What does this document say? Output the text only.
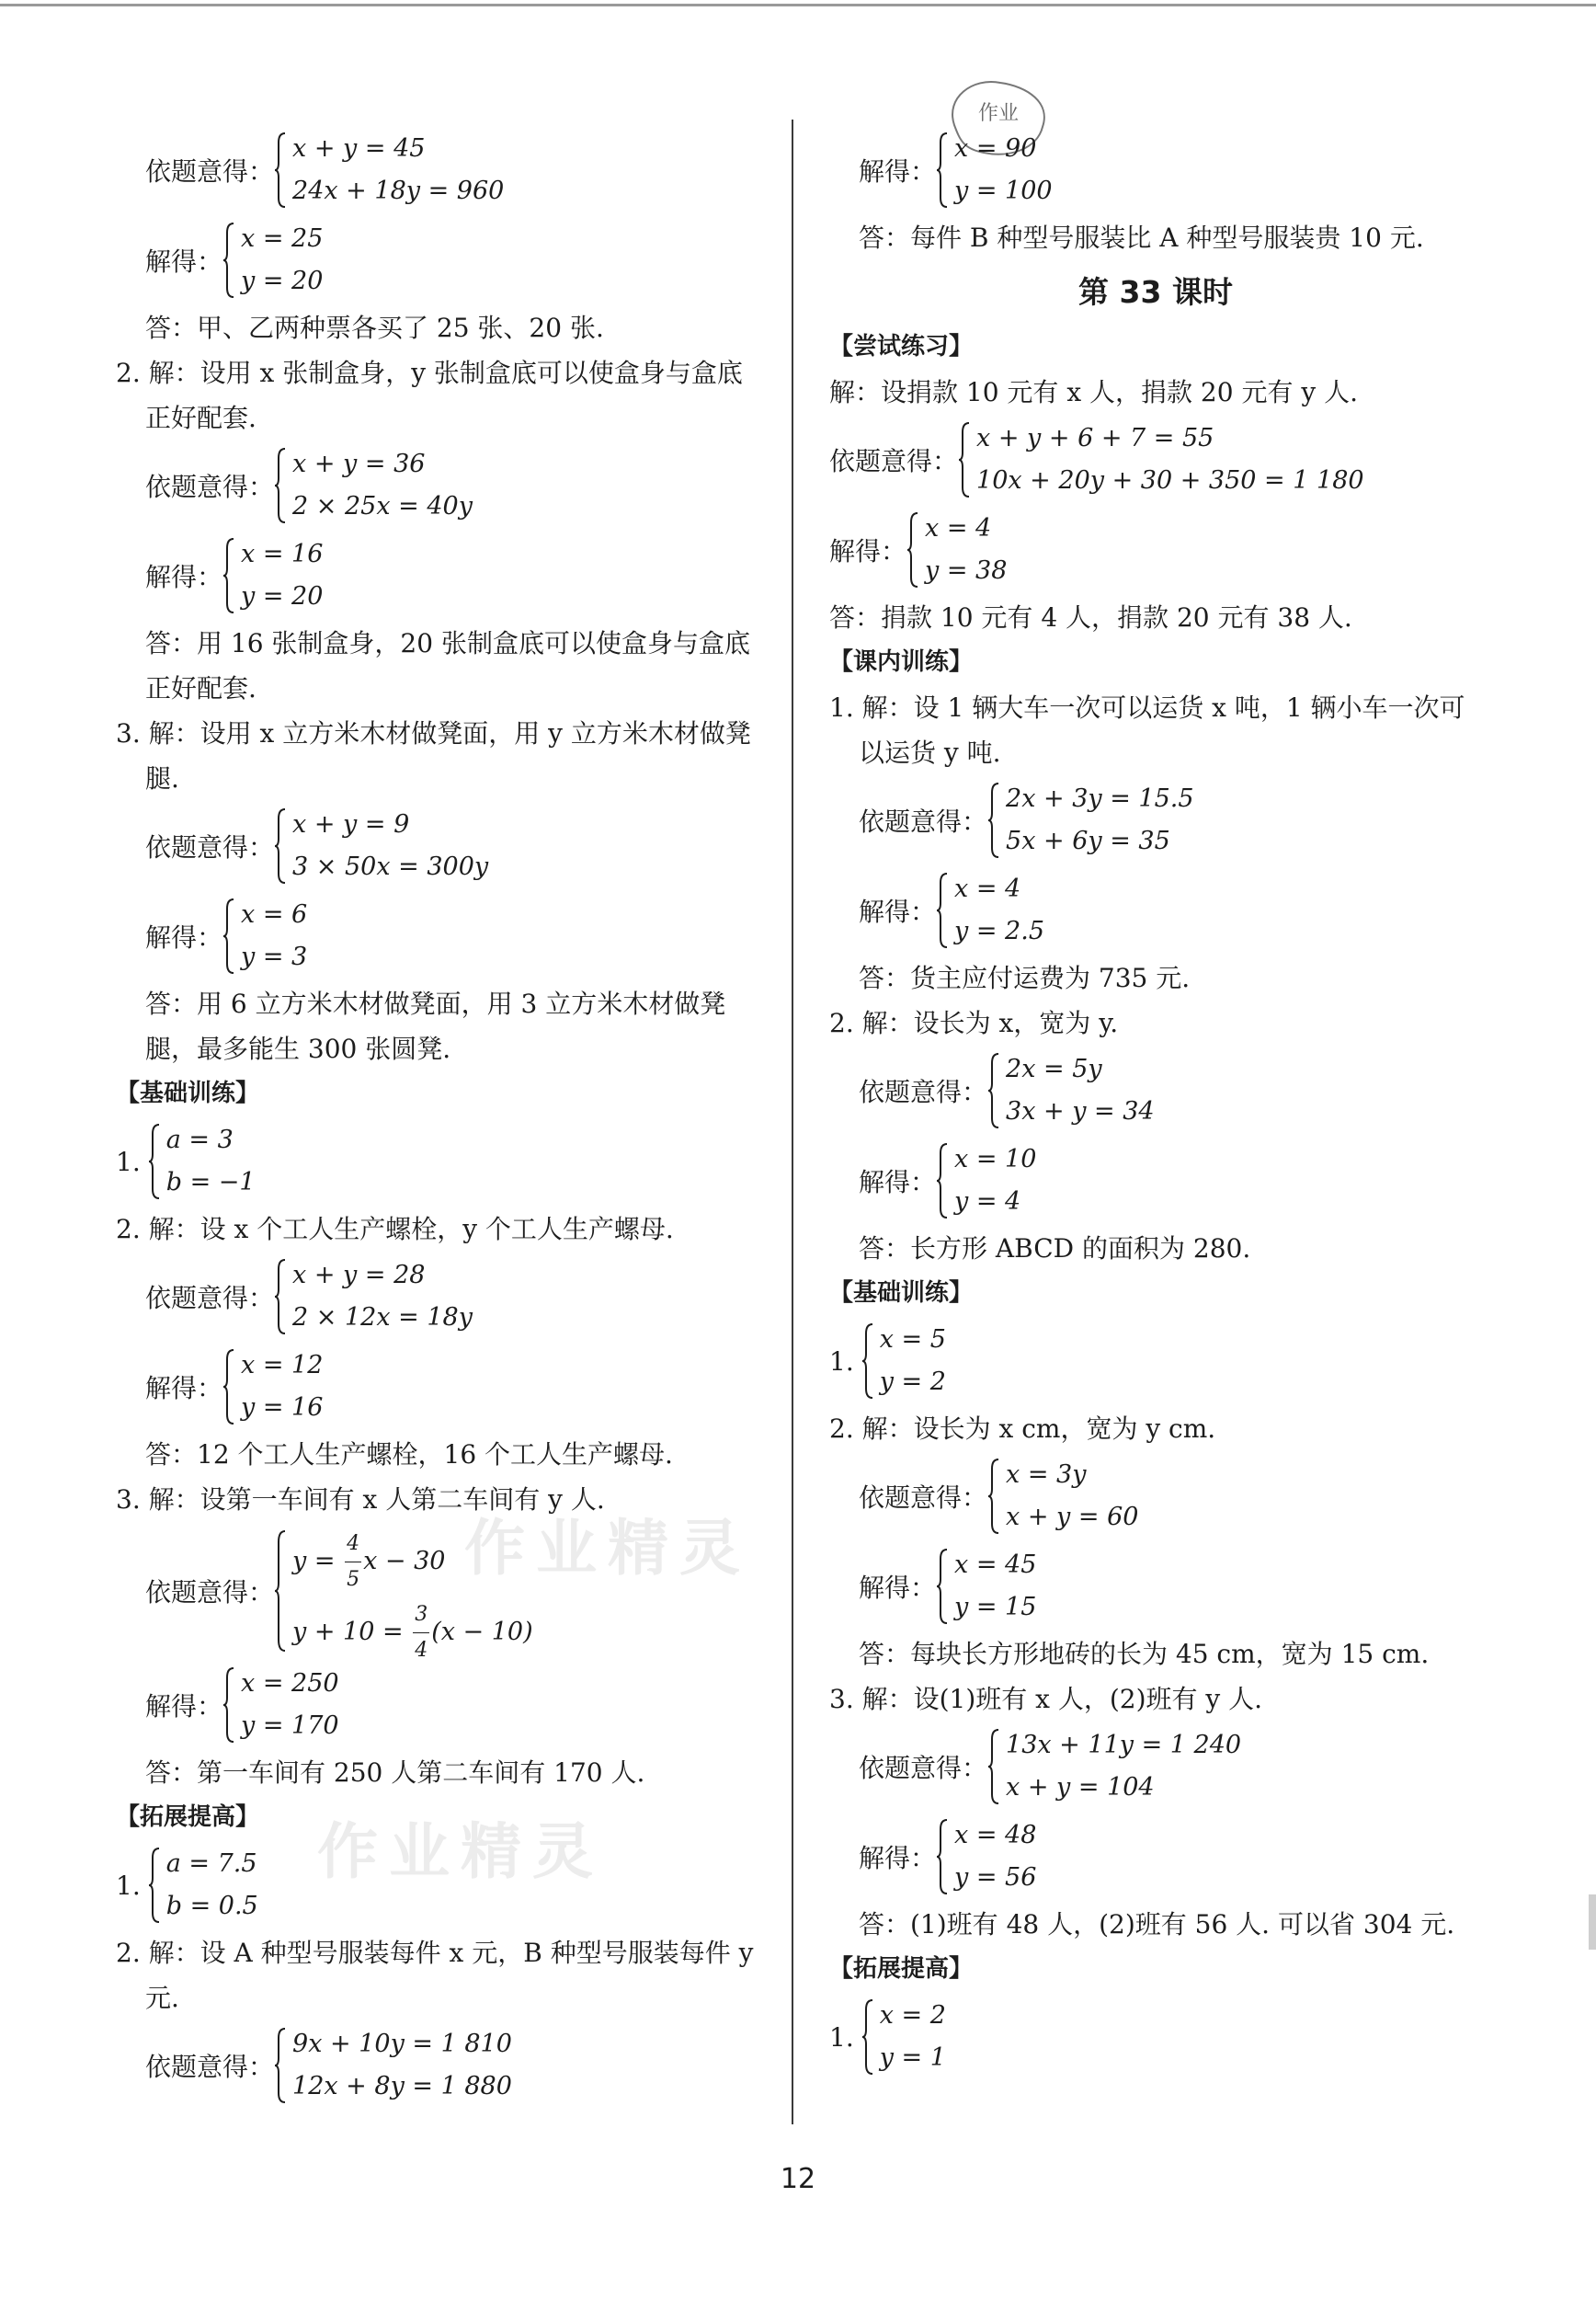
作业精灵
作业精灵
作业
依题意得：
x + y = 45
24x + 18y = 960
解得：
x = 25
y = 20
答：甲、乙两种票各买了 25 张、20 张.
2. 解：设用 x 张制盒身，y 张制盒底可以使盒身与盒底
正好配套.
依题意得：
x + y = 36
2 × 25x = 40y
解得：
x = 16
y = 20
答：用 16 张制盒身，20 张制盒底可以使盒身与盒底
正好配套.
3. 解：设用 x 立方米木材做凳面，用 y 立方米木材做凳
腿.
依题意得：
x + y = 9
3 × 50x = 300y
解得：
x = 6
y = 3
答：用 6 立方米木材做凳面，用 3 立方米木材做凳
腿，最多能生 300 张圆凳.
【基础训练】
1.
a = 3
b = −1
2. 解：设 x 个工人生产螺栓，y 个工人生产螺母.
依题意得：
x + y = 28
2 × 12x = 18y
解得：
x = 12
y = 16
答：12 个工人生产螺栓，16 个工人生产螺母.
3. 解：设第一车间有 x 人第二车间有 y 人.
依题意得：
$y = \frac{4}{5}$ x − 30
$y + 10 = \frac{3}{4} (x - 10)$
解得：
x = 250
y = 170
答：第一车间有 250 人第二车间有 170 人.
【拓展提高】
1.
a = 7.5
b = 0.5
2. 解：设 A 种型号服装每件 x 元，B 种型号服装每件 y
元.
依题意得：
9x + 10y = 1 810
12x + 8y = 1 880
解得：
x = 90
y = 100
答：每件 B 种型号服装比 A 种型号服装贵 10 元.
第 33 课时
【尝试练习】
解：设捐款 10 元有 x 人，捐款 20 元有 y 人.
依题意得：
x + y + 6 + 7 = 55
10x + 20y + 30 + 350 = 1 180
解得：
x = 4
y = 38
答：捐款 10 元有 4 人，捐款 20 元有 38 人.
【课内训练】
1. 解：设 1 辆大车一次可以运货 x 吨，1 辆小车一次可
以运货 y 吨.
依题意得：
2x + 3y = 15.5
5x + 6y = 35
解得：
x = 4
y = 2.5
答：货主应付运费为 735 元.
2. 解：设长为 x，宽为 y.
依题意得：
2x = 5y
3x + y = 34
解得：
x = 10
y = 4
答：长方形 ABCD 的面积为 280.
【基础训练】
1.
x = 5
y = 2
2. 解：设长为 x cm，宽为 y cm.
依题意得：
x = 3y
x + y = 60
解得：
x = 45
y = 15
答：每块长方形地砖的长为 45 cm，宽为 15 cm.
3. 解：设(1)班有 x 人，(2)班有 y 人.
依题意得：
13x + 11y = 1 240
x + y = 104
解得：
x = 48
y = 56
答：(1)班有 48 人，(2)班有 56 人. 可以省 304 元.
【拓展提高】
1.
x = 2
y = 1
12
